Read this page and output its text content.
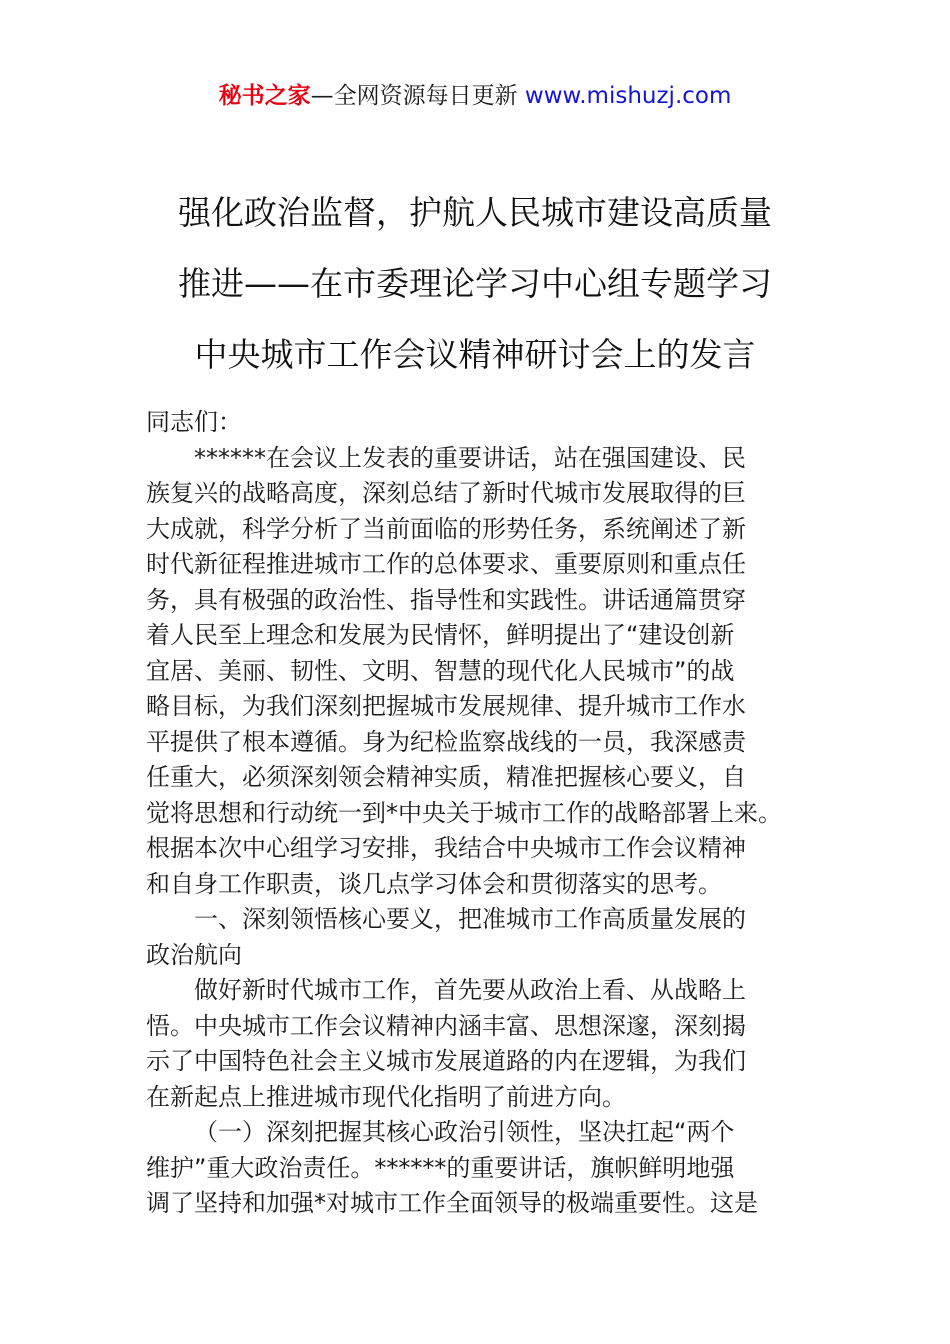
秘书之家—全网资源每日更新 www.mishuzj.com
强化政治监督，护航人民城市建设高质量
推进——在市委理论学习中心组专题学习
中央城市工作会议精神研讨会上的发言

同志们：

******在会议上发表的重要讲话，站在强国建设、民
族复兴的战略高度，深刻总结了新时代城市发展取得的巨
大成就，科学分析了当前面临的形势任务，系统阐述了新
时代新征程推进城市工作的总体要求、重要原则和重点任
务，具有极强的政治性、指导性和实践性。讲话通篇贯穿
着人民至上理念和发展为民情怀，鲜明提出了“建设创新
宜居、美丽、韧性、文明、智慧的现代化人民城市”的战
略目标，为我们深刻把握城市发展规律、提升城市工作水
平提供了根本遵循。身为纪检监察战线的一员，我深感责
任重大，必须深刻领会精神实质，精准把握核心要义，自
觉将思想和行动统一到*中央关于城市工作的战略部署上来。
根据本次中心组学习安排，我结合中央城市工作会议精神
和自身工作职责，谈几点学习体会和贯彻落实的思考。

一、深刻领悟核心要义，把准城市工作高质量发展的
政治航向

做好新时代城市工作，首先要从政治上看、从战略上
悟。中央城市工作会议精神内涵丰富、思想深邃，深刻揭
示了中国特色社会主义城市发展道路的内在逻辑，为我们
在新起点上推进城市现代化指明了前进方向。

（一）深刻把握其核心政治引领性，坚决扛起“两个
维护”重大政治责任。******的重要讲话，旗帜鲜明地强
调了坚持和加强*对城市工作全面领导的极端重要性。这是
